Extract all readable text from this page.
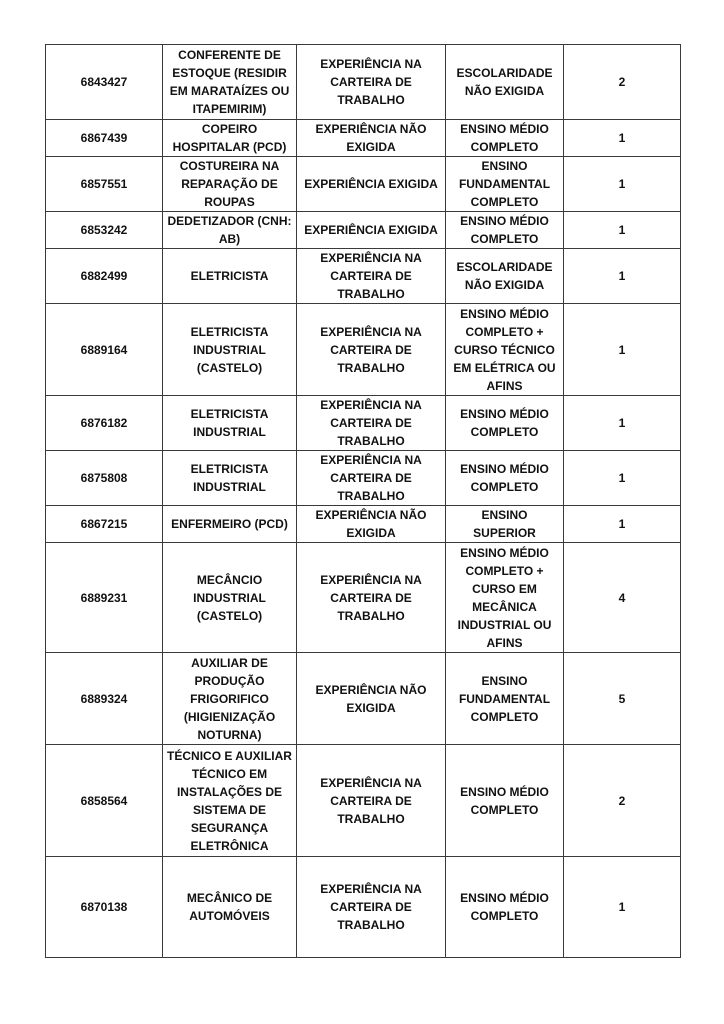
6843427	CONFERENTE DE ESTOQUE (RESIDIR EM MARATAÍZES OU ITAPEMIRIM)	EXPERIÊNCIA NA CARTEIRA DE TRABALHO	ESCOLARIDADE NÃO EXIGIDA	2
6867439	COPEIRO HOSPITALAR (PCD)	EXPERIÊNCIA NÃO EXIGIDA	ENSINO MÉDIO COMPLETO	1
6857551	COSTUREIRA NA REPARAÇÃO DE ROUPAS	EXPERIÊNCIA EXIGIDA	ENSINO FUNDAMENTAL COMPLETO	1
6853242	DEDETIZADOR (CNH: AB)	EXPERIÊNCIA EXIGIDA	ENSINO MÉDIO COMPLETO	1
6882499	ELETRICISTA	EXPERIÊNCIA NA CARTEIRA DE TRABALHO	ESCOLARIDADE NÃO EXIGIDA	1
6889164	ELETRICISTA INDUSTRIAL (CASTELO)	EXPERIÊNCIA NA CARTEIRA DE TRABALHO	ENSINO MÉDIO COMPLETO + CURSO TÉCNICO EM ELÉTRICA OU AFINS	1
6876182	ELETRICISTA INDUSTRIAL	EXPERIÊNCIA NA CARTEIRA DE TRABALHO	ENSINO MÉDIO COMPLETO	1
6875808	ELETRICISTA INDUSTRIAL	EXPERIÊNCIA NA CARTEIRA DE TRABALHO	ENSINO MÉDIO COMPLETO	1
6867215	ENFERMEIRO (PCD)	EXPERIÊNCIA NÃO EXIGIDA	ENSINO SUPERIOR	1
6889231	MECÂNCIO INDUSTRIAL (CASTELO)	EXPERIÊNCIA NA CARTEIRA DE TRABALHO	ENSINO MÉDIO COMPLETO + CURSO EM MECÂNICA INDUSTRIAL OU AFINS	4
6889324	AUXILIAR DE PRODUÇÃO FRIGORIFICO (HIGIENIZAÇÃO NOTURNA)	EXPERIÊNCIA NÃO EXIGIDA	ENSINO FUNDAMENTAL COMPLETO	5
6858564	TÉCNICO E AUXILIAR TÉCNICO EM INSTALAÇÕES DE SISTEMA DE SEGURANÇA ELETRÔNICA	EXPERIÊNCIA NA CARTEIRA DE TRABALHO	ENSINO MÉDIO COMPLETO	2
6870138	MECÂNICO DE AUTOMÓVEIS	EXPERIÊNCIA NA CARTEIRA DE TRABALHO	ENSINO MÉDIO COMPLETO	1
